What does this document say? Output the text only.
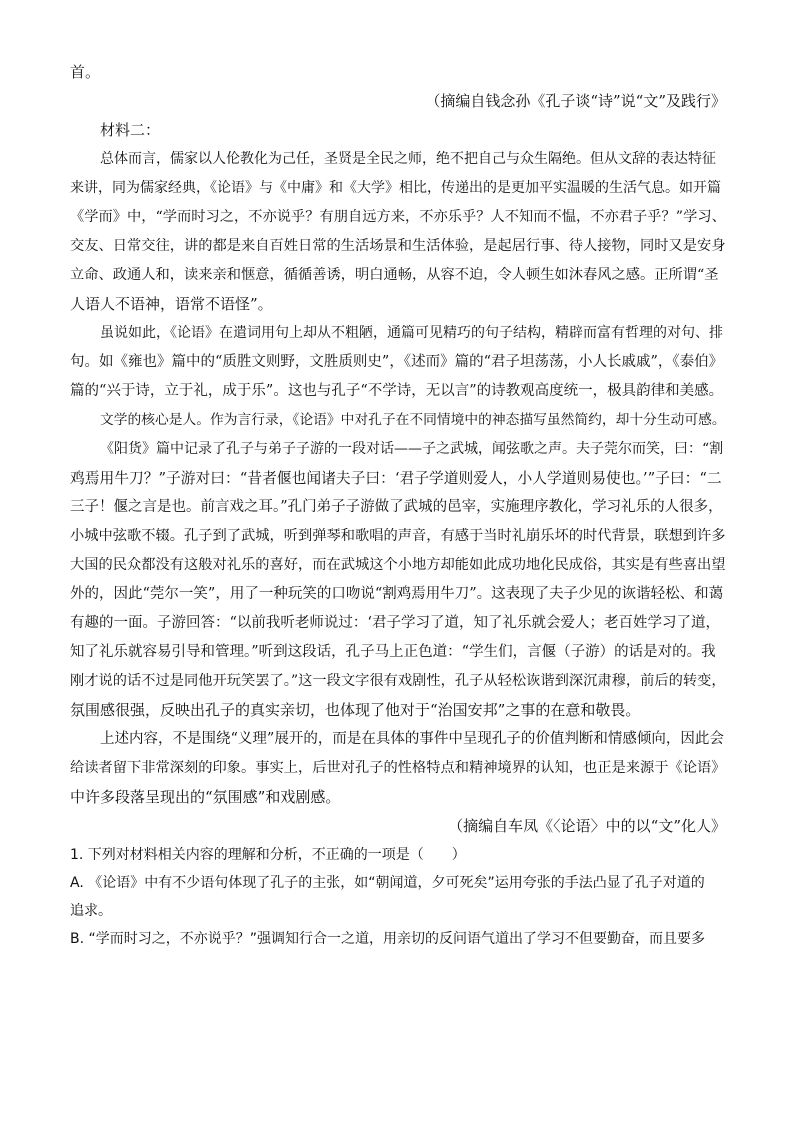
首。

（摘编自钱念孙《孔子谈“诗”说“文”及践行》

材料二：

总体而言，儒家以人伦教化为己任，圣贤是全民之师，绝不把自己与众生隔绝。但从文辞的表达特征

来讲，同为儒家经典，《论语》与《中庸》和《大学》相比，传递出的是更加平实温暖的生活气息。如开篇

《学而》中，“学而时习之，不亦说乎？有朋自远方来，不亦乐乎？人不知而不愠，不亦君子乎？”学习、

交友、日常交往，讲的都是来自百姓日常的生活场景和生活体验，是起居行事、待人接物，同时又是安身

立命、政通人和，读来亲和惬意，循循善诱，明白通畅，从容不迫，令人顿生如沐春风之感。正所谓“圣

人语人不语神，语常不语怪”。

虽说如此，《论语》在遣词用句上却从不粗陋，通篇可见精巧的句子结构，精辟而富有哲理的对句、排

句。如《雍也》篇中的“质胜文则野，文胜质则史”，《述而》篇的“君子坦荡荡，小人长戚戚”，《泰伯》

篇的“兴于诗，立于礼，成于乐”。这也与孔子“不学诗，无以言”的诗教观高度统一，极具韵律和美感。

文学的核心是人。作为言行录，《论语》中对孔子在不同情境中的神态描写虽然简约，却十分生动可感。

《阳货》篇中记录了孔子与弟子子游的一段对话——子之武城，闻弦歌之声。夫子莞尔而笑，曰：“割

鸡焉用牛刀？”子游对曰：“昔者偃也闻诸夫子曰：‘君子学道则爱人，小人学道则易使也。’”子曰：“二

三子！偃之言是也。前言戏之耳。”孔门弟子子游做了武城的邑宰，实施理序教化，学习礼乐的人很多，

小城中弦歌不辍。孔子到了武城，听到弹琴和歌唱的声音，有感于当时礼崩乐坏的时代背景，联想到许多

大国的民众都没有这般对礼乐的喜好，而在武城这个小地方却能如此成功地化民成俗，其实是有些喜出望

外的，因此“莞尔一笑”，用了一种玩笑的口吻说“割鸡焉用牛刀”。这表现了夫子少见的诙谐轻松、和蔼

有趣的一面。子游回答：“以前我听老师说过：‘君子学习了道，知了礼乐就会爱人；老百姓学习了道，

知了礼乐就容易引导和管理。”听到这段话，孔子马上正色道：“学生们，言偃（子游）的话是对的。我

刚才说的话不过是同他开玩笑罢了。”这一段文字很有戏剧性，孔子从轻松诙谐到深沉肃穆，前后的转变，

氛围感很强，反映出孔子的真实亲切，也体现了他对于“治国安邦”之事的在意和敬畏。

上述内容，不是围绕“义理”展开的，而是在具体的事件中呈现孔子的价值判断和情感倾向，因此会

给读者留下非常深刻的印象。事实上，后世对孔子的性格特点和精神境界的认知，也正是来源于《论语》

中许多段落呈现出的“氛围感”和戏剧感。

（摘编自车凤《〈论语〉中的以“文”化人》

1. 下列对材料相关内容的理解和分析，不正确的一项是（　　）

A. 《论语》中有不少语句体现了孔子的主张，如“朝闻道，夕可死矣”运用夸张的手法凸显了孔子对道的

追求。

B. “学而时习之，不亦说乎？”强调知行合一之道，用亲切的反问语气道出了学习不但要勤奋，而且要多
